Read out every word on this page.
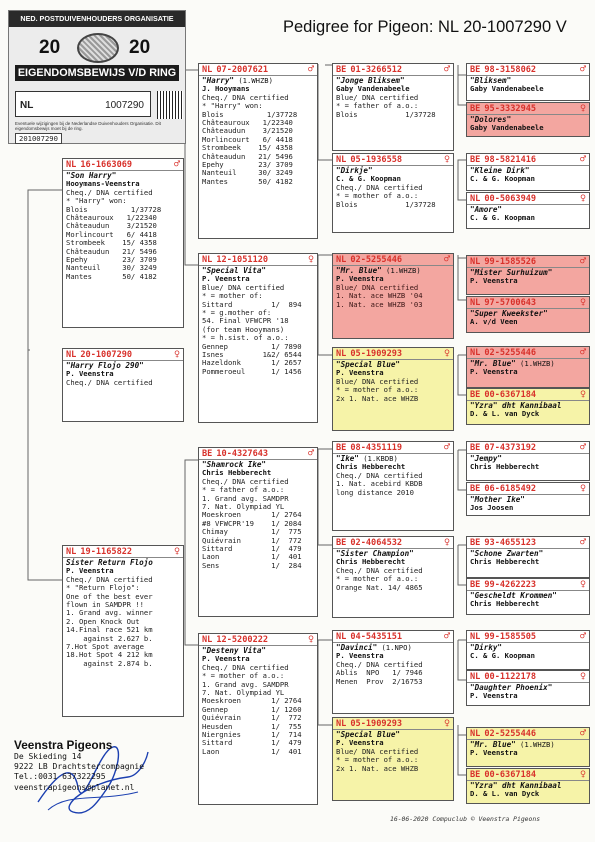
Pedigree for Pigeon: NL 20-1007290 V
NED. POSTDUIVENHOUDERS ORGANISATIE
20	20
EIGENDOMSBEWIJS V/D RING
NL	1007290
Eventuele wijzigingen bij de Nederlandse Duivenhouders Organisatie. Dit eigendomsbewijs moet bij de ring.
201007290
NL 20-1007290	♀
"Harry Flojo 290"
P. Veenstra
Cheq./ DNA certified
NL 16-1663069	♂
"Son Harry"
Hooymans-Veenstra
Cheq./ DNA certified
* "Harry" won:
Blois          1/37728
Châteauroux   1/22340
Châteaudun    3/21520
Morlincourt   6/ 4418
Strombeek    15/ 4358
Châteaudun   21/ 5496
Epehy        23/ 3709
Nanteuil     30/ 3249
Mantes       50/ 4182
NL 19-1165822	♀
Sister Return Flojo
P. Veenstra
Cheq./ DNA certified
* "Return Flojo":
One of the best ever
flown in SAMDPR !!
1. Grand avg. winner
2. Open Knock Out
14.Final race 521 km
against 2.627 b.
7.Hot Spot average
18.Hot Spot 4 212 km
against 2.874 b.
NL 07-2007621	♂
"Harry" (1.WHZB)
J. Hooymans
Cheq./ DNA certified
* "Harry" won:
Blois          1/37728
Châteauroux   1/22340
Châteaudun    3/21520
Morlincourt   6/ 4418
Strombeek    15/ 4358
Châteaudun   21/ 5496
Epehy        23/ 3709
Nanteuil     30/ 3249
Mantes       50/ 4182
NL 12-1051120	♀
"Special Vita"
P. Veenstra
Blue/ DNA certified
* = mother of:
Sittard         1/  894
* = g.mother of:
54. Final VFWCPR '18
(for team Hooymans)
* = h.sist. of a.o.:
Gennep          1/ 7890
Isnes         1&2/ 6544
Hazeldonk       1/ 2657
Pommeroeul      1/ 1456
BE 10-4327643	♂
"Shamrock Ike"
Chris Hebberecht
Cheq./ DNA certified
* = father of a.o.:
1. Grand avg. SAMDPR
7. Nat. Olympiad YL
Moeskroen       1/ 2764
#8 VFWCPR'19    1/ 2084
Chimay          1/  775
Quiévrain       1/  772
Sittard         1/  479
Laon            1/  401
Sens            1/  284
NL 12-5200222	♀
"Desteny Vita"
P. Veenstra
Cheq./ DNA certified
* = mother of a.o.:
1. Grand avg. SAMDPR
7. Nat. Olympiad YL
Moeskroen       1/ 2764
Gennep          1/ 1260
Quiévrain       1/  772
Heusden         1/  755
Niergnies       1/  714
Sittard         1/  479
Laon            1/  401
BE 01-3266512	♂
"Jonge Bliksem"
Gaby Vandenabeele
Blue/ DNA certified
* = father of a.o.:
Blois           1/37728
NL 05-1936558	♀
"Dirkje"
C. & G. Koopman
Cheq./ DNA certified
* = mother of a.o.:
Blois           1/37728
NL 02-5255446	♂
"Mr. Blue" (1.WHZB)
P. Veenstra
Blue/ DNA certified
1. Nat. ace WHZB '04
1. Nat. ace WHZB '03
NL 05-1909293	♀
"Special Blue"
P. Veenstra
Blue/ DNA certified
* = mother of a.o.:
2x 1. Nat. ace WHZB
BE 08-4351119	♂
"Ike" (1.KBDB)
Chris Hebberecht
Cheq./ DNA certified
1. Nat. acebird KBDB
long distance 2010
BE 02-4064532	♀
"Sister Champion"
Chris Hebberecht
Cheq./ DNA certified
* = mother of a.o.:
Orange Nat. 14/ 4865
NL 04-5435151	♂
"Davinci" (1.NPO)
P. Veenstra
Cheq./ DNA certified
Ablis  NPO   1/ 7946
Menen  Prov  2/16753
NL 05-1909293	♀
"Special Blue"
P. Veenstra
Blue/ DNA certified
* = mother of a.o.:
2x 1. Nat. ace WHZB
BE 98-3158062	♂
"Bliksem"
Gaby Vandenabeele
BE 95-3332945	♀
"Dolores"
Gaby Vandenabeele
BE 98-5821416	♂
"Kleine Dirk"
C. & G. Koopman
NL 00-5063949	♀
"Amore"
C. & G. Koopman
NL 99-1585526	♂
"Mister Surhuizum"
P. Veenstra
NL 97-5700643	♀
"Super Kweekster"
A. v/d Veen
NL 02-5255446	♂
"Mr. Blue" (1.WHZB)
P. Veenstra
BE 00-6367184	♀
"Yzra" dht Kannibaal
D. & L. van Dyck
BE 07-4373192	♂
"Jempy"
Chris Hebberecht
BE 06-6185492	♀
"Mother Ike"
Jos Joosen
BE 93-4655123	♂
"Schone Zwarten"
Chris Hebberecht
BE 99-4262223	♀
"Gescheldt Krommen"
Chris Hebberecht
NL 99-1585505	♂
"Dirky"
C. & G. Koopman
NL 00-1122178	♀
"Daughter Phoenix"
P. Veenstra
NL 02-5255446	♂
"Mr. Blue" (1.WHZB)
P. Veenstra
BE 00-6367184	♀
"Yzra" dht Kannibaal
D. & L. van Dyck
Veenstra Pigeons
De Skieding 14
9222 LB Drachtstercompagnie
Tel.:0031 637322295
veenstrapigeons@planet.nl
16-06-2020 Compuclub © Veenstra Pigeons
